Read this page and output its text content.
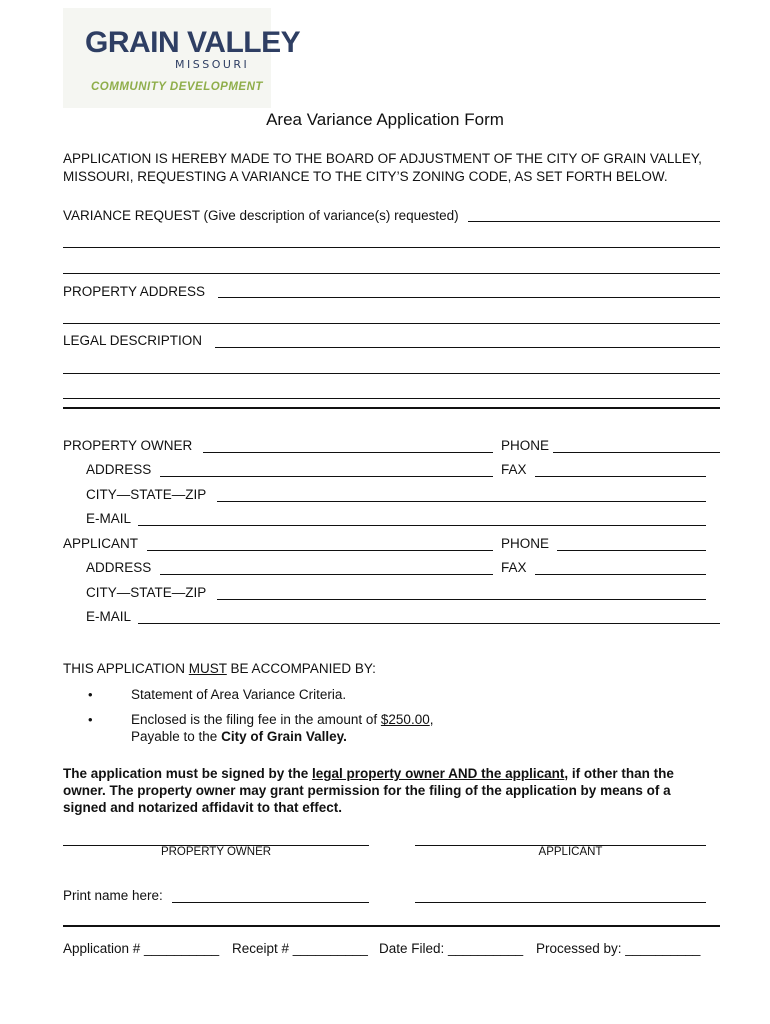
GRAIN VALLEY
MISSOURI
COMMUNITY DEVELOPMENT
Area Variance Application Form
APPLICATION IS HEREBY MADE TO THE BOARD OF ADJUSTMENT OF THE CITY OF GRAIN VALLEY,
MISSOURI, REQUESTING A VARIANCE TO THE CITY’S ZONING CODE, AS SET FORTH BELOW.
VARIANCE REQUEST (Give description of variance(s) requested)
PROPERTY ADDRESS
LEGAL DESCRIPTION
PROPERTY OWNER	PHONE
ADDRESS	FAX
CITY—STATE—ZIP
E-MAIL
APPLICANT	PHONE
ADDRESS	FAX
CITY—STATE—ZIP
E-MAIL
THIS APPLICATION MUST BE ACCOMPANIED BY:
•	Statement of Area Variance Criteria.
•	Enclosed is the filing fee in the amount of $250.00,
Payable to the City of Grain Valley.
The application must be signed by the legal property owner AND the applicant, if other than the
owner. The property owner may grant permission for the filing of the application by means of a
signed and notarized affidavit to that effect.
PROPERTY OWNER	APPLICANT
Print name here:
Application # __________ Receipt # __________ Date Filed: __________ Processed by: __________
